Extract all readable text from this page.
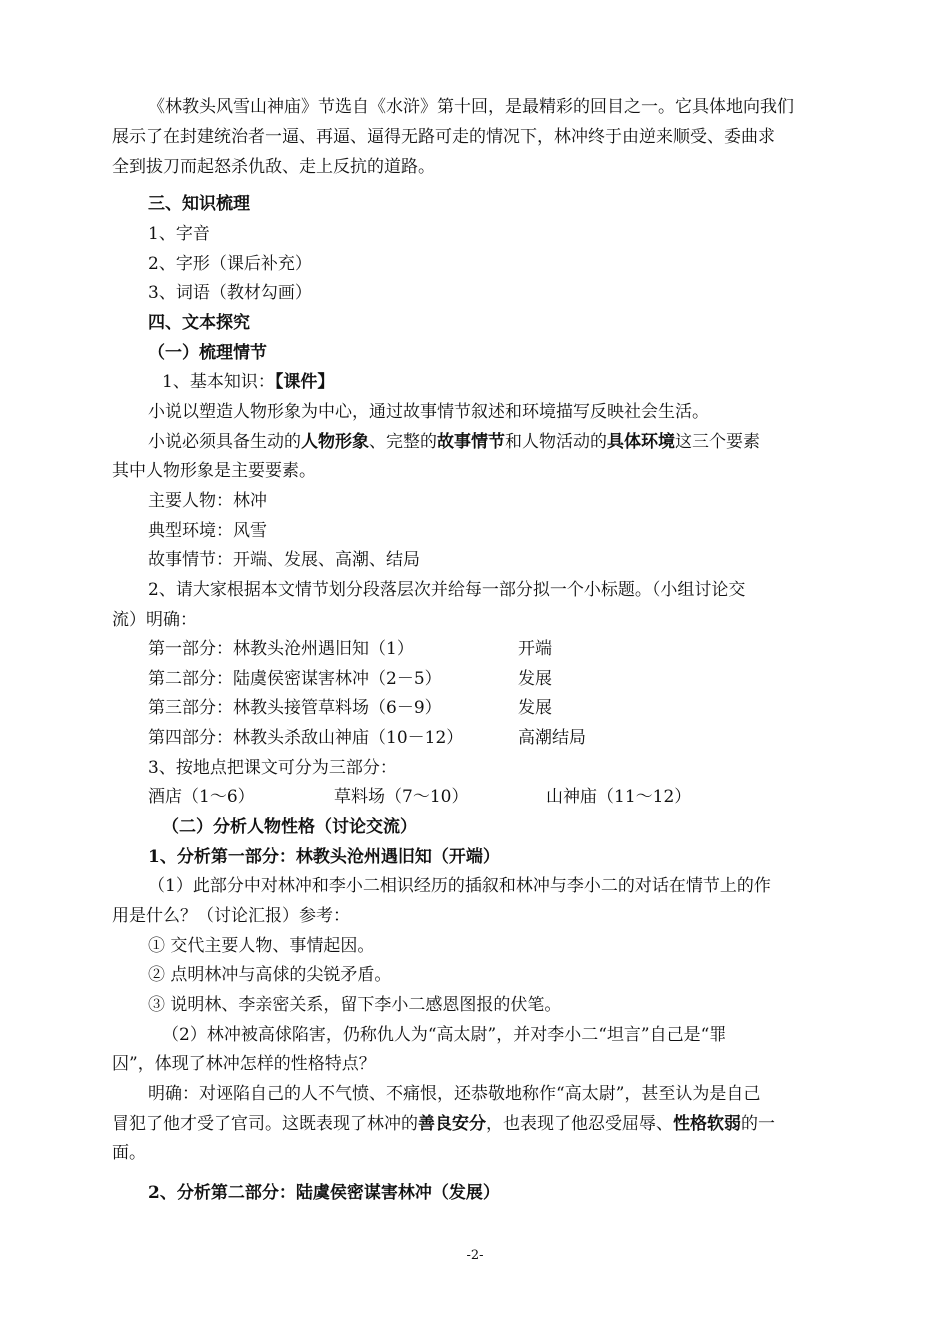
《林教头风雪山神庙》节选自《水浒》第十回，是最精彩的回目之一。它具体地向我们
展示了在封建统治者一逼、再逼、逼得无路可走的情况下，林冲终于由逆来顺受、委曲求
全到拔刀而起怒杀仇敌、走上反抗的道路。
三、知识梳理
1、字音
2、字形（课后补充）
3、词语（教材勾画）
四、文本探究
（一）梳理情节
1、基本知识：【课件】
小说以塑造人物形象为中心，通过故事情节叙述和环境描写反映社会生活。
小说必须具备生动的人物形象、完整的故事情节和人物活动的具体环境这三个要素
其中人物形象是主要要素。
主要人物：林冲
典型环境：风雪
故事情节：开端、发展、高潮、结局
2、请大家根据本文情节划分段落层次并给每一部分拟一个小标题。（小组讨论交
流）明确：
第一部分：林教头沧州遇旧知（1）	开端
第二部分：陆虞侯密谋害林冲（2－5）	发展
第三部分：林教头接管草料场（6－9）	发展
第四部分：林教头杀敌山神庙（10－12）	高潮结局
3、按地点把课文可分为三部分：
酒店（1～6）	草料场（7～10）	山神庙（11～12）
（二）分析人物性格（讨论交流）
1、分析第一部分：林教头沧州遇旧知（开端）
（1）此部分中对林冲和李小二相识经历的插叙和林冲与李小二的对话在情节上的作
用是什么？（讨论汇报）参考：
① 交代主要人物、事情起因。
② 点明林冲与高俅的尖锐矛盾。
③ 说明林、李亲密关系，留下李小二感恩图报的伏笔。
（2）林冲被高俅陷害，仍称仇人为“高太尉”，并对李小二“坦言”自己是“罪
囚”，体现了林冲怎样的性格特点？
明确：对诬陷自己的人不气愤、不痛恨，还恭敬地称作“高太尉”，甚至认为是自己
冒犯了他才受了官司。这既表现了林冲的善良安分，也表现了他忍受屈辱、性格软弱的一
面。
2、分析第二部分：陆虞侯密谋害林冲（发展）
-2-
